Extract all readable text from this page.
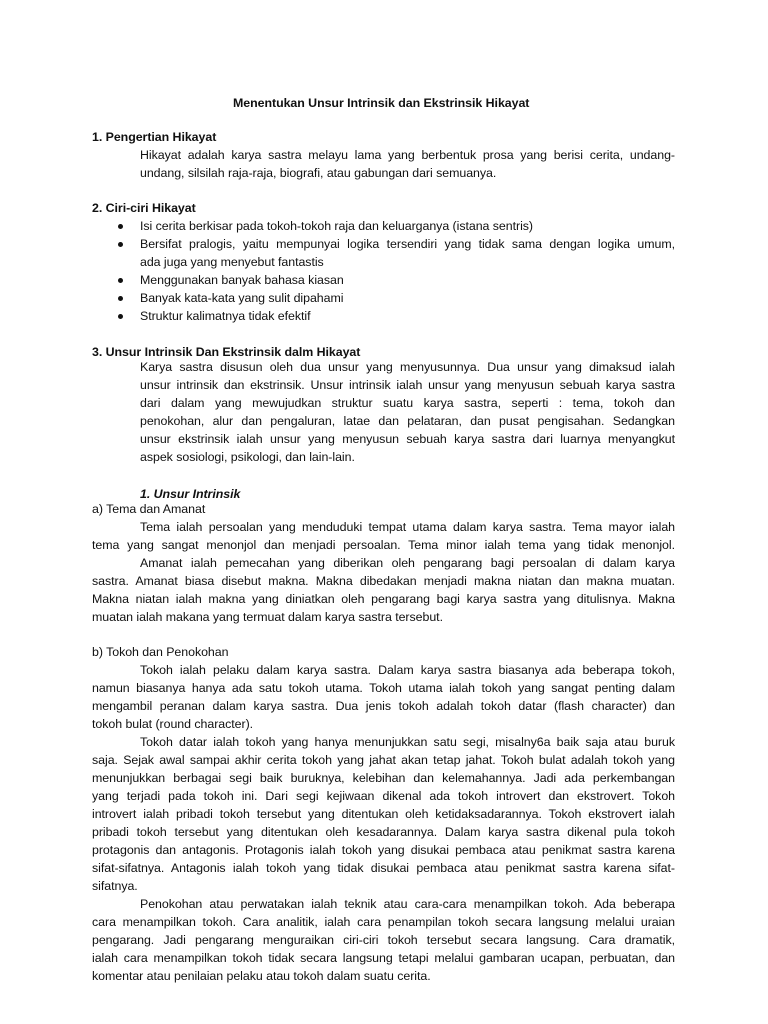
Menentukan Unsur Intrinsik dan Ekstrinsik Hikayat
1. Pengertian Hikayat
Hikayat adalah karya sastra melayu lama yang berbentuk prosa yang berisi cerita, undang-
undang, silsilah raja-raja, biografi, atau gabungan dari semuanya.
2. Ciri-ciri Hikayat
Isi cerita berkisar pada tokoh-tokoh raja dan keluarganya (istana sentris)
Bersifat pralogis, yaitu mempunyai logika tersendiri yang tidak sama dengan logika umum,
ada juga yang menyebut fantastis
Menggunakan banyak bahasa kiasan
Banyak kata-kata yang sulit dipahami
Struktur kalimatnya tidak efektif
3. Unsur Intrinsik Dan Ekstrinsik dalm Hikayat
Karya sastra disusun oleh dua unsur yang menyusunnya. Dua unsur yang dimaksud ialah
unsur intrinsik dan ekstrinsik. Unsur intrinsik ialah unsur yang menyusun sebuah karya sastra
dari dalam yang mewujudkan struktur suatu karya sastra, seperti : tema, tokoh dan
penokohan, alur dan pengaluran, latae dan pelataran, dan pusat pengisahan. Sedangkan
unsur ekstrinsik ialah unsur yang menyusun sebuah karya sastra dari luarnya menyangkut
aspek sosiologi, psikologi, dan lain-lain.
1. Unsur Intrinsik
a) Tema dan Amanat
Tema ialah persoalan yang menduduki tempat utama dalam karya sastra. Tema mayor ialah
tema yang sangat menonjol dan menjadi persoalan. Tema minor ialah tema yang tidak menonjol.
Amanat ialah pemecahan yang diberikan oleh pengarang bagi persoalan di dalam karya
sastra. Amanat biasa disebut makna. Makna dibedakan menjadi makna niatan dan makna muatan.
Makna niatan ialah makna yang diniatkan oleh pengarang bagi karya sastra yang ditulisnya. Makna
muatan ialah makana yang termuat dalam karya sastra tersebut.
b) Tokoh dan Penokohan
Tokoh ialah pelaku dalam karya sastra. Dalam karya sastra biasanya ada beberapa tokoh,
namun biasanya hanya ada satu tokoh utama. Tokoh utama ialah tokoh yang sangat penting dalam
mengambil peranan dalam karya sastra. Dua jenis tokoh adalah tokoh datar (flash character) dan
tokoh bulat (round character).
Tokoh datar ialah tokoh yang hanya menunjukkan satu segi, misalny6a baik saja atau buruk
saja. Sejak awal sampai akhir cerita tokoh yang jahat akan tetap jahat. Tokoh bulat adalah tokoh yang
menunjukkan berbagai segi baik buruknya, kelebihan dan kelemahannya. Jadi ada perkembangan
yang terjadi pada tokoh ini. Dari segi kejiwaan dikenal ada tokoh introvert dan ekstrovert. Tokoh
introvert ialah pribadi tokoh tersebut yang ditentukan oleh ketidaksadarannya. Tokoh ekstrovert ialah
pribadi tokoh tersebut yang ditentukan oleh kesadarannya. Dalam karya sastra dikenal pula tokoh
protagonis dan antagonis. Protagonis ialah tokoh yang disukai pembaca atau penikmat sastra karena
sifat-sifatnya. Antagonis ialah tokoh yang tidak disukai pembaca atau penikmat sastra karena sifat-
sifatnya.
Penokohan atau perwatakan ialah teknik atau cara-cara menampilkan tokoh. Ada beberapa
cara menampilkan tokoh. Cara analitik, ialah cara penampilan tokoh secara langsung melalui uraian
pengarang. Jadi pengarang menguraikan ciri-ciri tokoh tersebut secara langsung. Cara dramatik,
ialah cara menampilkan tokoh tidak secara langsung tetapi melalui gambaran ucapan, perbuatan, dan
komentar atau penilaian pelaku atau tokoh dalam suatu cerita.
